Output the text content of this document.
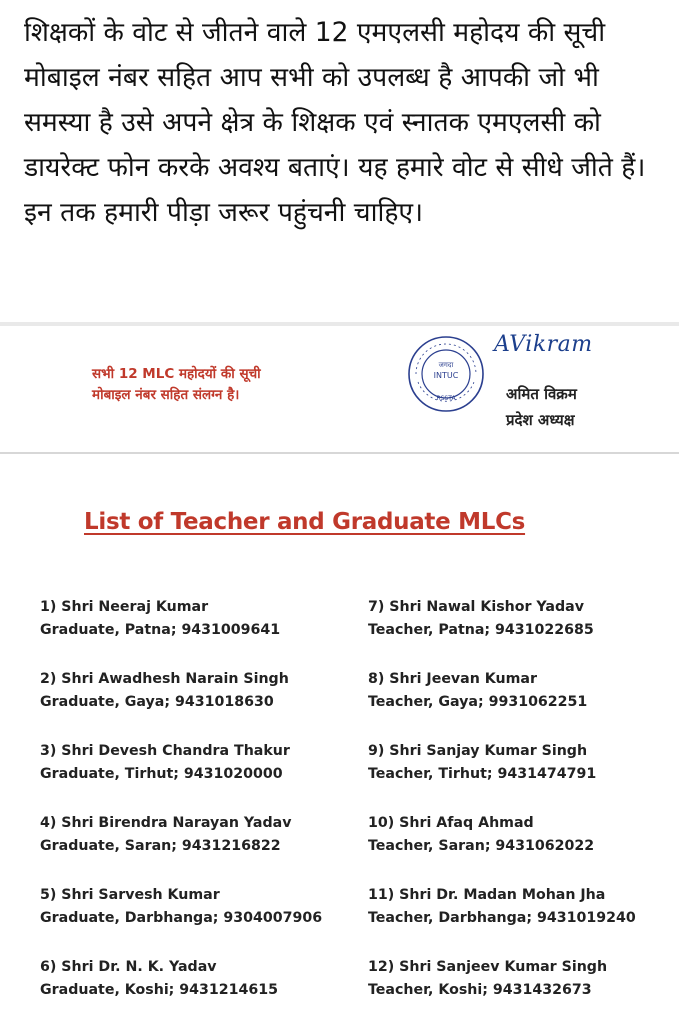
शिक्षकों के वोट से जीतने वाले 12 एमएलसी महोदय की सूची मोबाइल नंबर सहित आप सभी को उपलब्ध है आपकी जो भी समस्या है उसे अपने क्षेत्र के शिक्षक एवं स्नातक एमएलसी को डायरेक्ट फोन करके अवश्य बताएं। यह हमारे वोट से सीधे जीते हैं। इन तक हमारी पीड़ा जरूर पहुंचनी चाहिए।

सभी 12 MLC महोदयों की सूची
मोबाइल नंबर सहित संलग्न है।
जगदा
INTUC
RSSTA
AVikram
अमित विक्रम
प्रदेश अध्यक्ष
List of Teacher and Graduate MLCs
1) Shri Neeraj Kumar
Graduate, Patna; 9431009641
7) Shri Nawal Kishor Yadav
Teacher, Patna; 9431022685
2) Shri Awadhesh Narain Singh
Graduate, Gaya; 9431018630
8) Shri Jeevan Kumar
Teacher, Gaya; 9931062251
3) Shri Devesh Chandra Thakur
Graduate, Tirhut; 9431020000
9) Shri Sanjay Kumar Singh
Teacher, Tirhut; 9431474791
4) Shri Birendra Narayan Yadav
Graduate, Saran; 9431216822
10) Shri Afaq Ahmad
Teacher, Saran; 9431062022
5) Shri Sarvesh Kumar
Graduate, Darbhanga; 9304007906
11) Shri Dr. Madan Mohan Jha
Teacher, Darbhanga; 9431019240
6) Shri Dr. N. K. Yadav
Graduate, Koshi; 9431214615
12) Shri Sanjeev Kumar Singh
Teacher, Koshi; 9431432673
